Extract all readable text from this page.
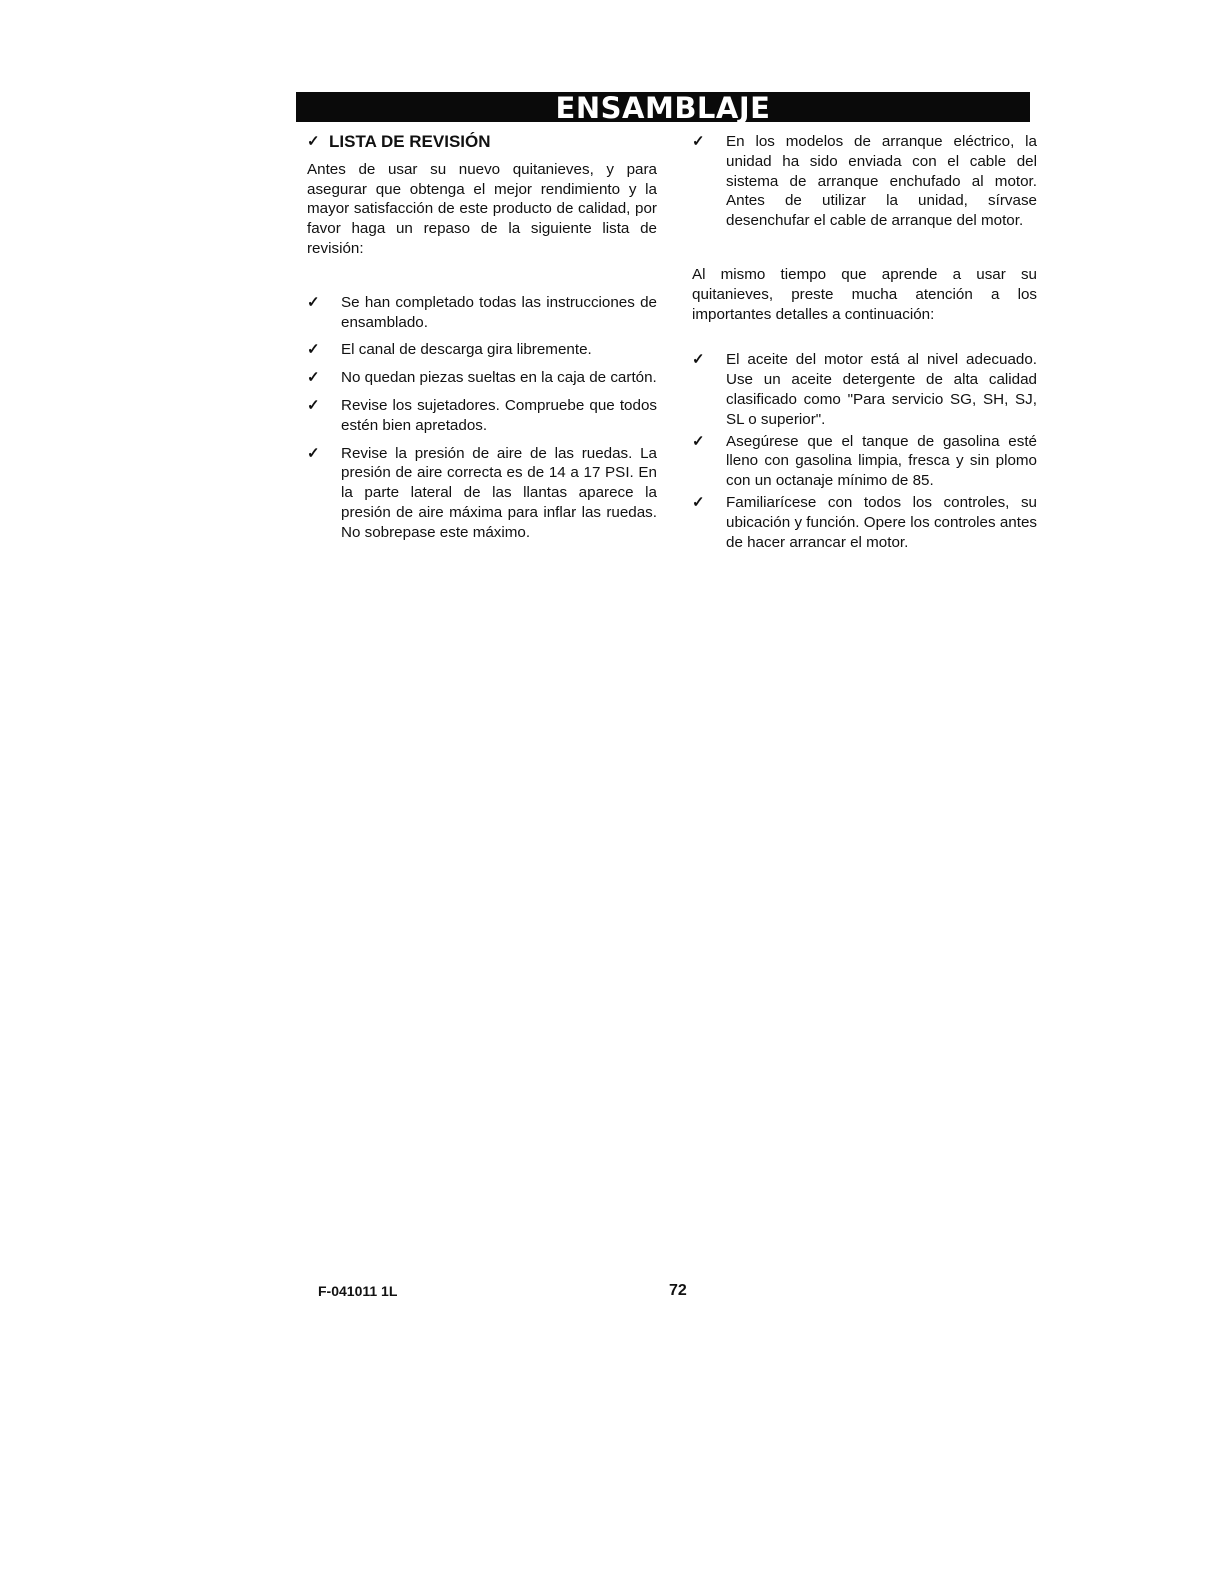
ENSAMBLAJE
✓ LISTA DE REVISIÓN

Antes de usar su nuevo quitanieves, y para asegurar que obtenga el mejor rendimiento y la mayor satisfacción de este producto de calidad, por favor haga un repaso de la siguiente lista de revisión:

✓	Se han completado todas las instrucciones de ensamblado.
✓	El canal de descarga gira libremente.
✓	No quedan piezas sueltas en la caja de cartón.
✓	Revise los sujetadores. Compruebe que todos estén bien apretados.
✓	Revise la presión de aire de las ruedas. La presión de aire correcta es de 14 a 17 PSI. En la parte lateral de las llantas aparece la presión de aire máxima para inflar las ruedas. No sobrepase este máximo.
✓	En los modelos de arranque eléctrico, la unidad ha sido enviada con el cable del sistema de arranque enchufado al motor. Antes de utilizar la unidad, sírvase desenchufar el cable de arranque del motor.

Al mismo tiempo que aprende a usar su quitanieves, preste mucha atención a los importantes detalles a continuación:

✓	El aceite del motor está al nivel adecuado. Use un aceite detergente de alta calidad clasificado como "Para servicio SG, SH, SJ, SL o superior".
✓	Asegúrese que el tanque de gasolina esté lleno con gasolina limpia, fresca y sin plomo con un octanaje mínimo de 85.
✓	Familiarícese con todos los controles, su ubicación y función. Opere los controles antes de hacer arrancar el motor.
F-041011 1L	72
